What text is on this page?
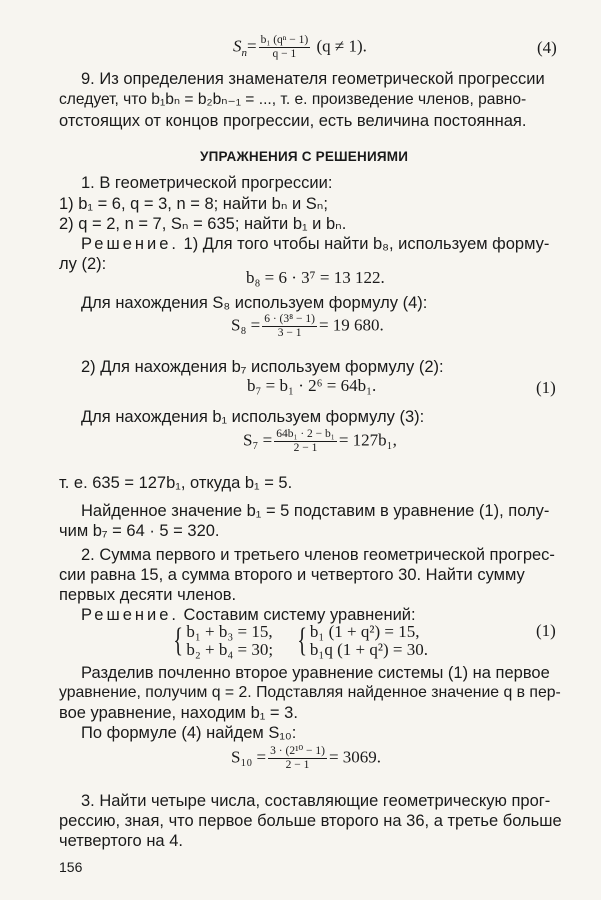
$S_n= \frac{\text{b₁ (qⁿ − 1)}}{q - 1} (q \ne 1)$.	(4)
9. Из определения знаменателя геометрической прогрессии
следует, что b₁bₙ = b₂bₙ₋₁ = ..., т. е. произведение членов, равно-
отстоящих от концов прогрессии, есть величина постоянная.
УПРАЖНЕНИЯ С РЕШЕНИЯМИ
1. В геометрической прогрессии:
1) b₁ = 6, q = 3, n = 8; найти bₙ и Sₙ;
2) q = 2, n = 7, Sₙ = 635; найти b₁ и bₙ.
Решение. 1) Для того чтобы найти b₈, используем форму-
лу (2):
b₈ = 6 · 3⁷ = 13 122.
Для нахождения S₈ используем формулу (4):
$S_8 = \frac{\text{6 · (3⁸ − 1)}}{3 - 1} = 19$ 680.
2) Для нахождения b₇ используем формулу (2):
b₇ = b₁ · 2⁶ = 64b₁.	(1)
Для нахождения b₁ используем формулу (3):
$S_7 = \frac{\text{64b₁ · 2 − b₁}}{2 - 1} = 127b_1$,
т. е. 635 = 127b₁, откуда b₁ = 5.
Найденное значение b₁ = 5 подставим в уравнение (1), полу-
чим b₇ = 64 · 5 = 320.
2. Сумма первого и третьего членов геометрической прогрес-
сии равна 15, а сумма второго и четвертого 30. Найти сумму
первых десяти членов.
Решение. Составим систему уравнений:
{ b₁ + b₃ = 15,
b₂ + b₄ = 30; { b₁ (1 + q²) = 15,
b₁q (1 + q²) = 30.
(1)
Разделив почленно второе уравнение системы (1) на первое
уравнение, получим q = 2. Подставляя найденное значение q в пер-
вое уравнение, находим b₁ = 3.
По формуле (4) найдем S₁₀:
$S_{10} = \frac{\text{3 · (2¹⁰ − 1)}}{2 - 1} = 3069$.
3. Найти четыре числа, составляющие геометрическую прог-
рессию, зная, что первое больше второго на 36, а третье больше
четвертого на 4.
156
